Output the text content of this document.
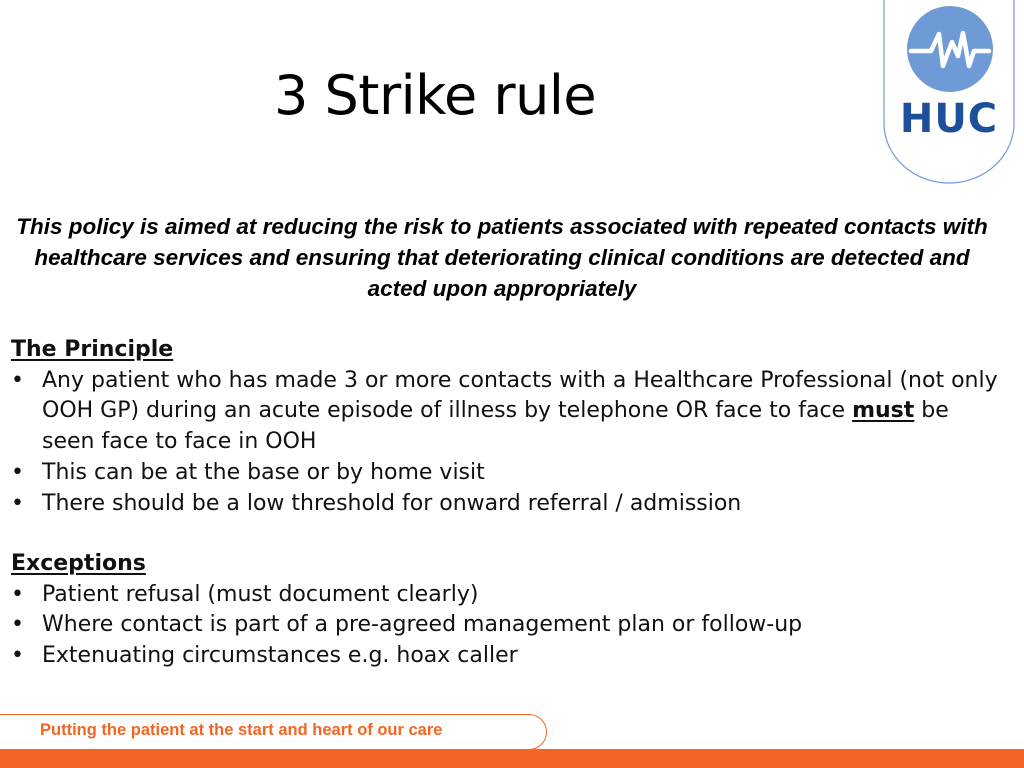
3 Strike rule	HUC
This policy is aimed at reducing the risk to patients associated with repeated contacts with healthcare services and ensuring that deteriorating clinical conditions are detected and acted upon appropriately
The Principle
• Any patient who has made 3 or more contacts with a Healthcare Professional (not only OOH GP) during an acute episode of illness by telephone OR face to face must be seen face to face in OOH
• This can be at the base or by home visit
• There should be a low threshold for onward referral / admission
Exceptions
• Patient refusal (must document clearly)
• Where contact is part of a pre-agreed management plan or follow-up
• Extenuating circumstances e.g. hoax caller
Putting the patient at the start and heart of our care
